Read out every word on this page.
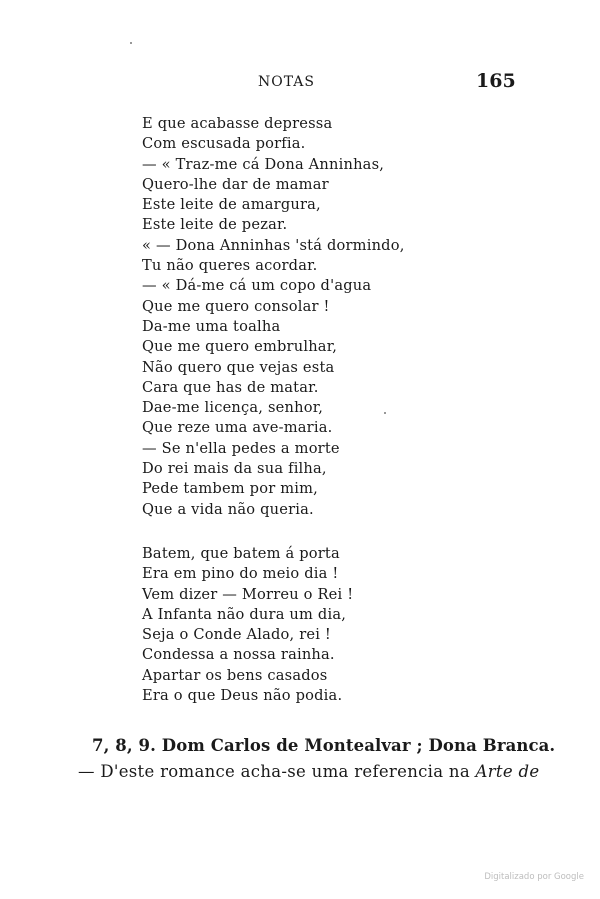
NOTAS	165
E que acabasse depressa
Com escusada porfia.
— « Traz-me cá Dona Anninhas,
Quero-lhe dar de mamar
Este leite de amargura,
Este leite de pezar.
« — Dona Anninhas 'stá dormindo,
Tu não queres acordar.
— « Dá-me cá um copo d'agua
Que me quero consolar !
Da-me uma toalha
Que me quero embrulhar,
Não quero que vejas esta
Cara que has de matar.
Dae-me licença, senhor,
Que reze uma ave-maria.
— Se n'ella pedes a morte
Do rei mais da sua filha,
Pede tambem por mim,
Que a vida não queria.
Batem, que batem á porta
Era em pino do meio dia !
Vem dizer — Morreu o Rei !
A Infanta não dura um dia,
Seja o Conde Alado, rei !
Condessa a nossa rainha.
Apartar os bens casados
Era o que Deus não podia.
7, 8, 9. Dom Carlos de Montealvar ; Dona Branca.
— D'este romance acha-se uma referencia na Arte de
Digitalizado por Google
